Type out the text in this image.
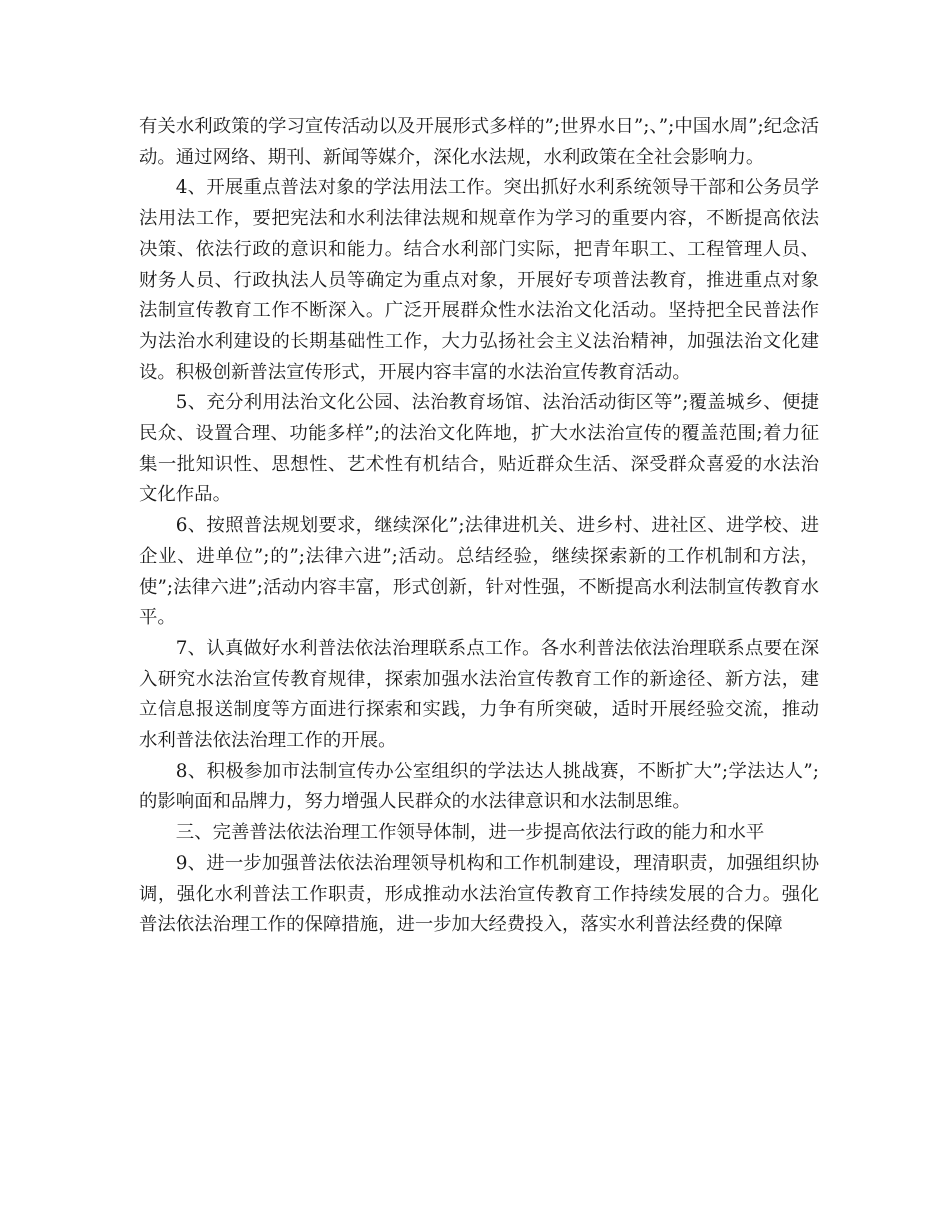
有关水利政策的学习宣传活动以及开展形式多样的”;世界水日”;、”;中国水周”;纪念活动。通过网络、期刊、新闻等媒介，深化水法规，水利政策在全社会影响力。

4、开展重点普法对象的学法用法工作。突出抓好水利系统领导干部和公务员学法用法工作，要把宪法和水利法律法规和规章作为学习的重要内容，不断提高依法决策、依法行政的意识和能力。结合水利部门实际，把青年职工、工程管理人员、财务人员、行政执法人员等确定为重点对象，开展好专项普法教育，推进重点对象法制宣传教育工作不断深入。广泛开展群众性水法治文化活动。坚持把全民普法作为法治水利建设的长期基础性工作，大力弘扬社会主义法治精神，加强法治文化建设。积极创新普法宣传形式，开展内容丰富的水法治宣传教育活动。

5、充分利用法治文化公园、法治教育场馆、法治活动街区等”;覆盖城乡、便捷民众、设置合理、功能多样”;的法治文化阵地，扩大水法治宣传的覆盖范围;着力征集一批知识性、思想性、艺术性有机结合，贴近群众生活、深受群众喜爱的水法治文化作品。

6、按照普法规划要求，继续深化”;法律进机关、进乡村、进社区、进学校、进企业、进单位”;的”;法律六进”;活动。总结经验，继续探索新的工作机制和方法，使”;法律六进”;活动内容丰富，形式创新，针对性强，不断提高水利法制宣传教育水平。

7、认真做好水利普法依法治理联系点工作。各水利普法依法治理联系点要在深入研究水法治宣传教育规律，探索加强水法治宣传教育工作的新途径、新方法，建立信息报送制度等方面进行探索和实践，力争有所突破，适时开展经验交流，推动水利普法依法治理工作的开展。

8、积极参加市法制宣传办公室组织的学法达人挑战赛，不断扩大”;学法达人”;的影响面和品牌力，努力增强人民群众的水法律意识和水法制思维。

三、完善普法依法治理工作领导体制，进一步提高依法行政的能力和水平

9、进一步加强普法依法治理领导机构和工作机制建设，理清职责，加强组织协调，强化水利普法工作职责，形成推动水法治宣传教育工作持续发展的合力。强化普法依法治理工作的保障措施，进一步加大经费投入，落实水利普法经费的保障
